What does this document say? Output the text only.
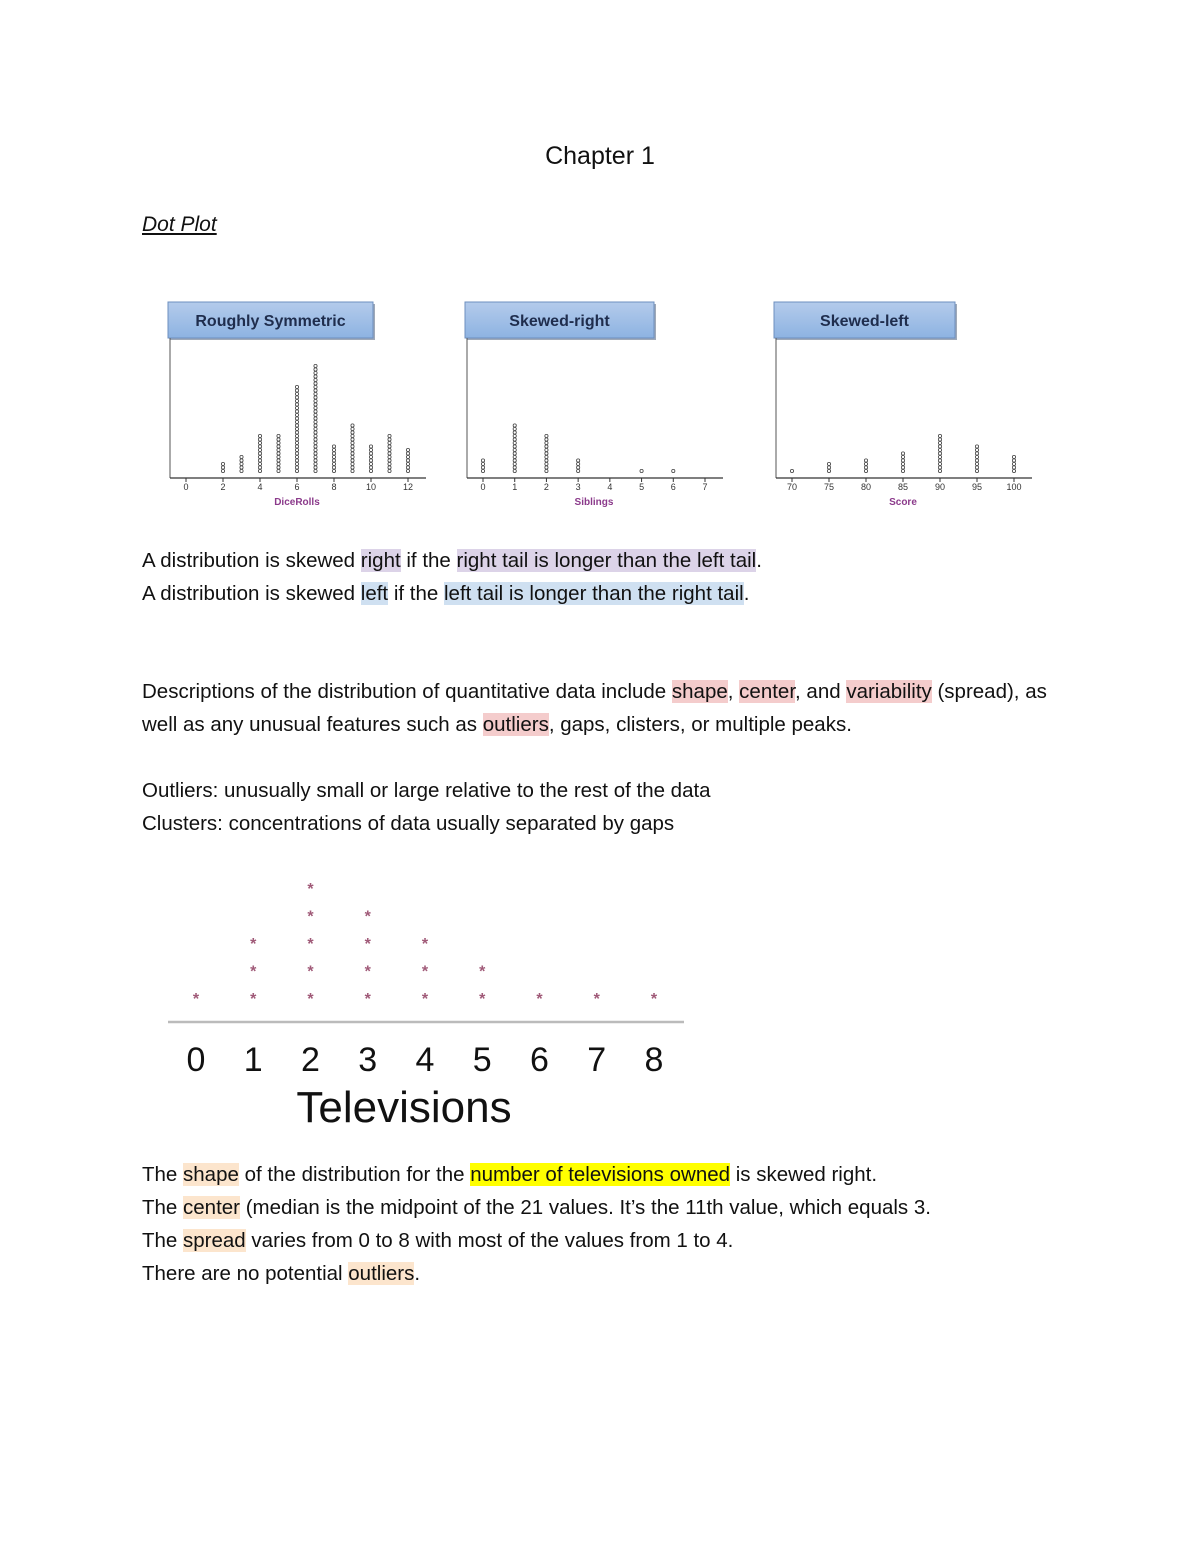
Chapter 1
Dot Plot
Roughly Symmetric
0	2	4	6	8	10	12
DiceRolls
Skewed-right
0	1	2	3	4	5	6	7
Siblings
Skewed-left
70	75	80	85	90	95	100
Score
A distribution is skewed right if the right tail is longer than the left tail.
A distribution is skewed left if the left tail is longer than the right tail.
Descriptions of the distribution of quantitative data include shape, center, and variability (spread), as well as any unusual features such as outliers, gaps, clisters, or multiple peaks.
Outliers: unusually small or large relative to the rest of the data
Clusters: concentrations of data usually separated by gaps
*	*
*
*
*
*
*
*
*
*
*
*
*
*
*
*
*
*
*	*	*
0 1 2 3 4 5 6 7 8
Televisions
The shape of the distribution for the number of televisions owned is skewed right.
The center (median is the midpoint of the 21 values. It’s the 11th value, which equals 3.
The spread varies from 0 to 8 with most of the values from 1 to 4.
There are no potential outliers.
